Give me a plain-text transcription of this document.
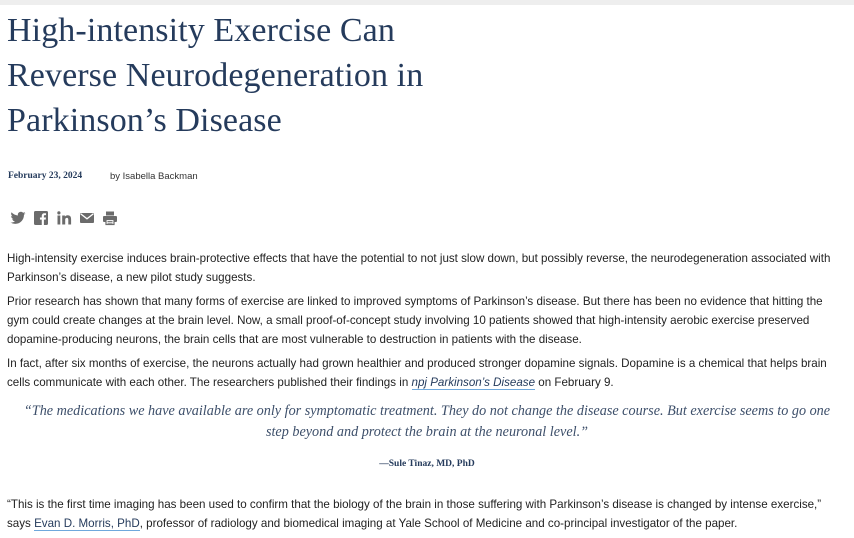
High-intensity Exercise Can
Reverse Neurodegeneration in
Parkinson’s Disease
February 23, 2024	by Isabella Backman

High-intensity exercise induces brain-protective effects that have the potential to not just slow down, but possibly reverse, the neurodegeneration associated with Parkinson’s disease, a new pilot study suggests.

Prior research has shown that many forms of exercise are linked to improved symptoms of Parkinson’s disease. But there has been no evidence that hitting the gym could create changes at the brain level. Now, a small proof-of-concept study involving 10 patients showed that high-intensity aerobic exercise preserved dopamine-producing neurons, the brain cells that are most vulnerable to destruction in patients with the disease.

In fact, after six months of exercise, the neurons actually had grown healthier and produced stronger dopamine signals. Dopamine is a chemical that helps brain cells communicate with each other. The researchers published their findings in npj Parkinson’s Disease on February 9.

“The medications we have available are only for symptomatic treatment. They do not change the disease course. But exercise seems to go one step beyond and protect the brain at the neuronal level.”
—Sule Tinaz, MD, PhD

“This is the first time imaging has been used to confirm that the biology of the brain in those suffering with Parkinson’s disease is changed by intense exercise,” says Evan D. Morris, PhD, professor of radiology and biomedical imaging at Yale School of Medicine and co-principal investigator of the paper.
